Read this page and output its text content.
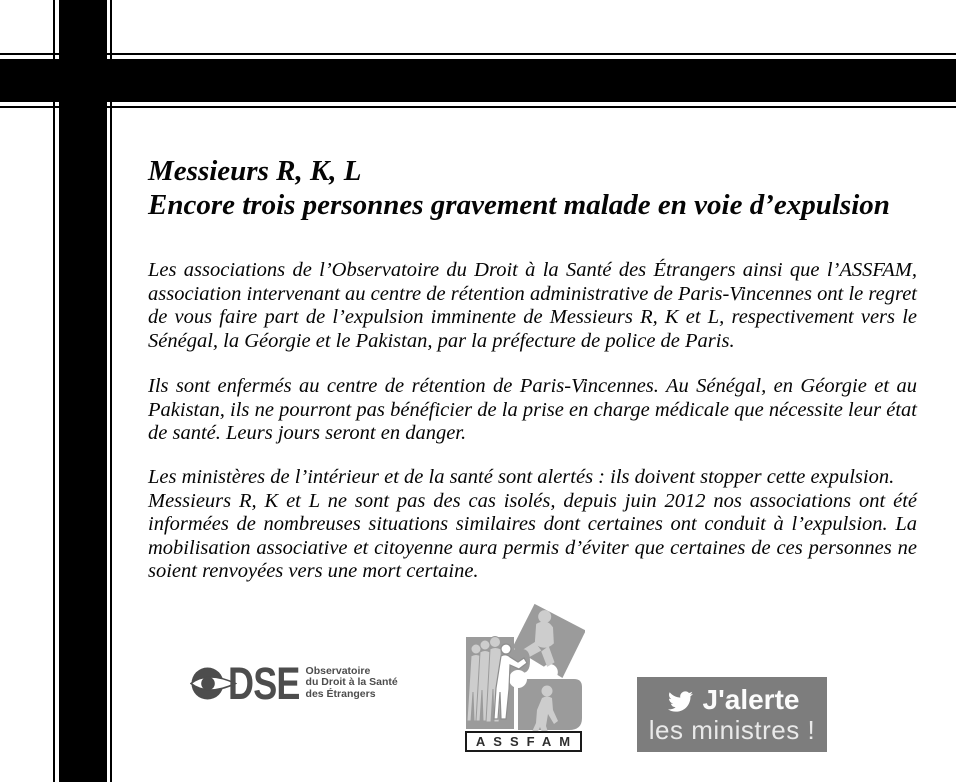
Messieurs R, K, L
Encore trois personnes gravement malade en voie d’expulsion

Les associations de l’Observatoire du Droit à la Santé des Étrangers ainsi que l’ASSFAM, association intervenant au centre de rétention administrative de Paris-Vincennes ont le regret de vous faire part de l’expulsion imminente de Messieurs R, K et L, respectivement vers le Sénégal, la Géorgie et le Pakistan, par la préfecture de police de Paris.

Ils sont enfermés au centre de rétention de Paris-Vincennes. Au Sénégal, en Géorgie et au Pakistan, ils ne pourront pas bénéficier de la prise en charge médicale que nécessite leur état de santé. Leurs jours seront en danger.

Les ministères de l’intérieur et de la santé sont alertés : ils doivent stopper cette expulsion.

Messieurs R, K et L ne sont pas des cas isolés, depuis juin 2012 nos associations ont été informées de nombreuses situations similaires dont certaines ont conduit à l’expulsion. La mobilisation associative et citoyenne aura permis d’éviter que certaines de ces personnes ne soient renvoyées vers une mort certaine.

DSE Observatoire
du Droit à la Santé
des Étrangers
ASSFAM
J'alerte
les ministres !
